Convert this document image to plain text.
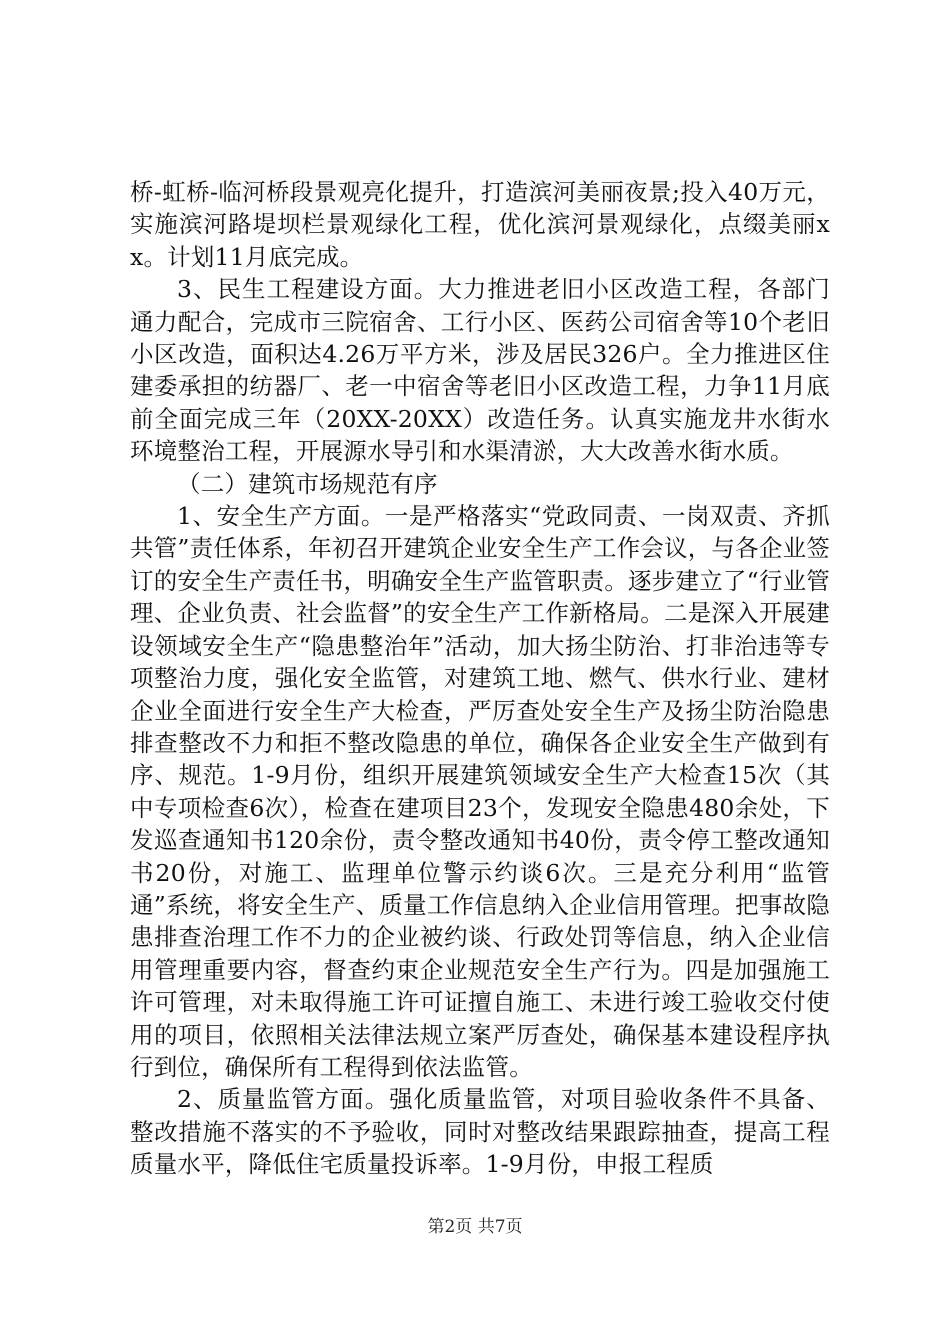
桥-虹桥-临河桥段景观亮化提升，打造滨河美丽夜景;投入40万元，实施滨河路堤坝栏景观绿化工程，优化滨河景观绿化，点缀美丽xx。计划11月底完成。

3、民生工程建设方面。大力推进老旧小区改造工程，各部门通力配合，完成市三院宿舍、工行小区、医药公司宿舍等10个老旧小区改造，面积达4.26万平方米，涉及居民326户。全力推进区住建委承担的纺器厂、老一中宿舍等老旧小区改造工程，力争11月底前全面完成三年（20XX-20XX）改造任务。认真实施龙井水街水环境整治工程，开展源水导引和水渠清淤，大大改善水街水质。

（二）建筑市场规范有序

1、安全生产方面。一是严格落实“党政同责、一岗双责、齐抓共管”责任体系，年初召开建筑企业安全生产工作会议，与各企业签订的安全生产责任书，明确安全生产监管职责。逐步建立了“行业管理、企业负责、社会监督”的安全生产工作新格局。二是深入开展建设领域安全生产“隐患整治年”活动，加大扬尘防治、打非治违等专项整治力度，强化安全监管，对建筑工地、燃气、供水行业、建材企业全面进行安全生产大检查，严厉查处安全生产及扬尘防治隐患排查整改不力和拒不整改隐患的单位，确保各企业安全生产做到有序、规范。1-9月份，组织开展建筑领域安全生产大检查15次（其中专项检查6次），检查在建项目23个，发现安全隐患480余处，下发巡查通知书120余份，责令整改通知书40份，责令停工整改通知书20份，对施工、监理单位警示约谈6次。三是充分利用“监管通”系统，将安全生产、质量工作信息纳入企业信用管理。把事故隐患排查治理工作不力的企业被约谈、行政处罚等信息，纳入企业信用管理重要内容，督查约束企业规范安全生产行为。四是加强施工许可管理，对未取得施工许可证擅自施工、未进行竣工验收交付使用的项目，依照相关法律法规立案严厉查处，确保基本建设程序执行到位，确保所有工程得到依法监管。

2、质量监管方面。强化质量监管，对项目验收条件不具备、整改措施不落实的不予验收，同时对整改结果跟踪抽查，提高工程质量水平，降低住宅质量投诉率。1-9月份，申报工程质

第2页 共7页
